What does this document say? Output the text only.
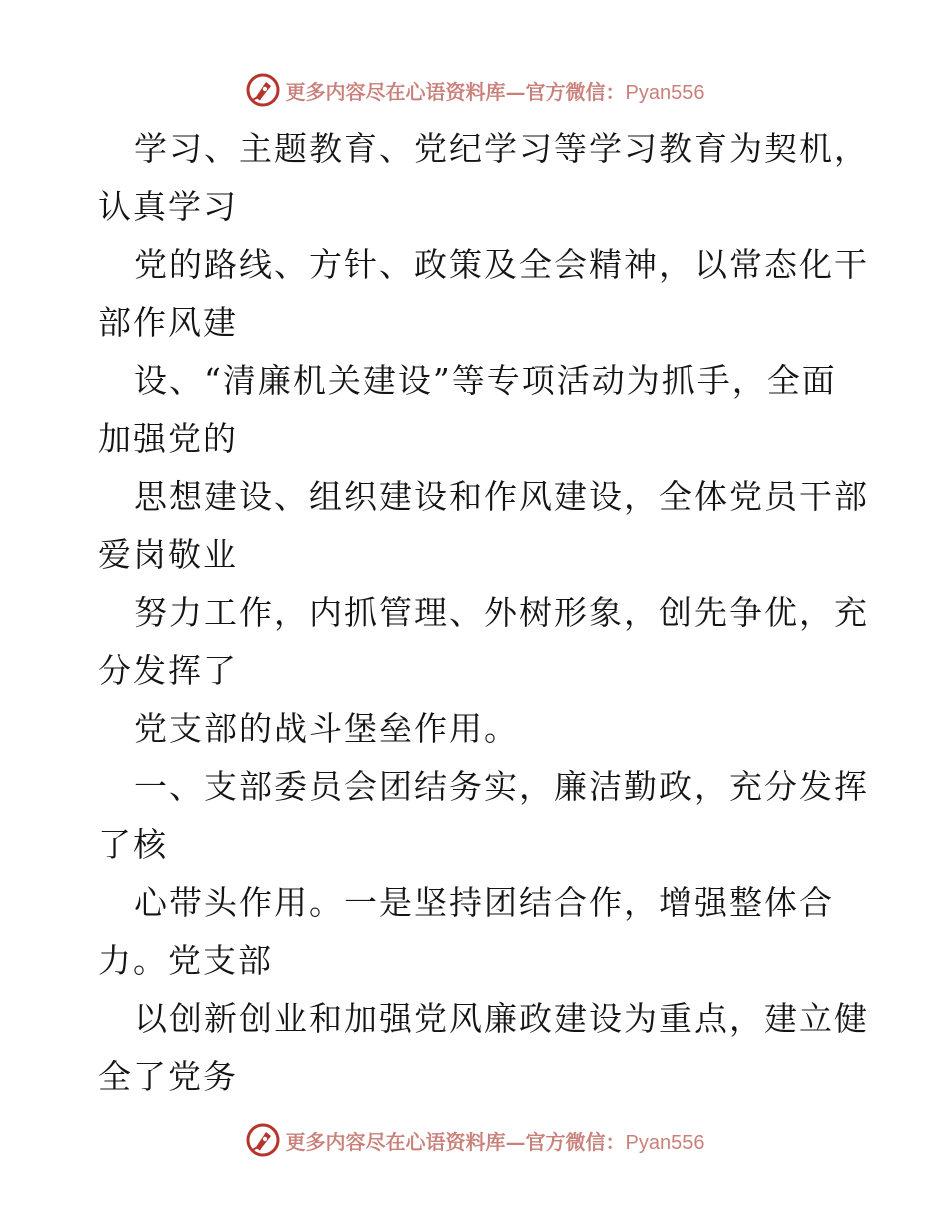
更多内容尽在心语资料库—官方微信：Pyan556
学习、主题教育、党纪学习等学习教育为契机，
认真学习
党的路线、方针、政策及全会精神，以常态化干
部作风建
设、“清廉机关建设”等专项活动为抓手，全面
加强党的
思想建设、组织建设和作风建设，全体党员干部
爱岗敬业
努力工作，内抓管理、外树形象，创先争优，充
分发挥了
党支部的战斗堡垒作用。
一、支部委员会团结务实，廉洁勤政，充分发挥
了核
心带头作用。一是坚持团结合作，增强整体合
力。党支部
以创新创业和加强党风廉政建设为重点，建立健
全了党务
更多内容尽在心语资料库—官方微信：Pyan556
